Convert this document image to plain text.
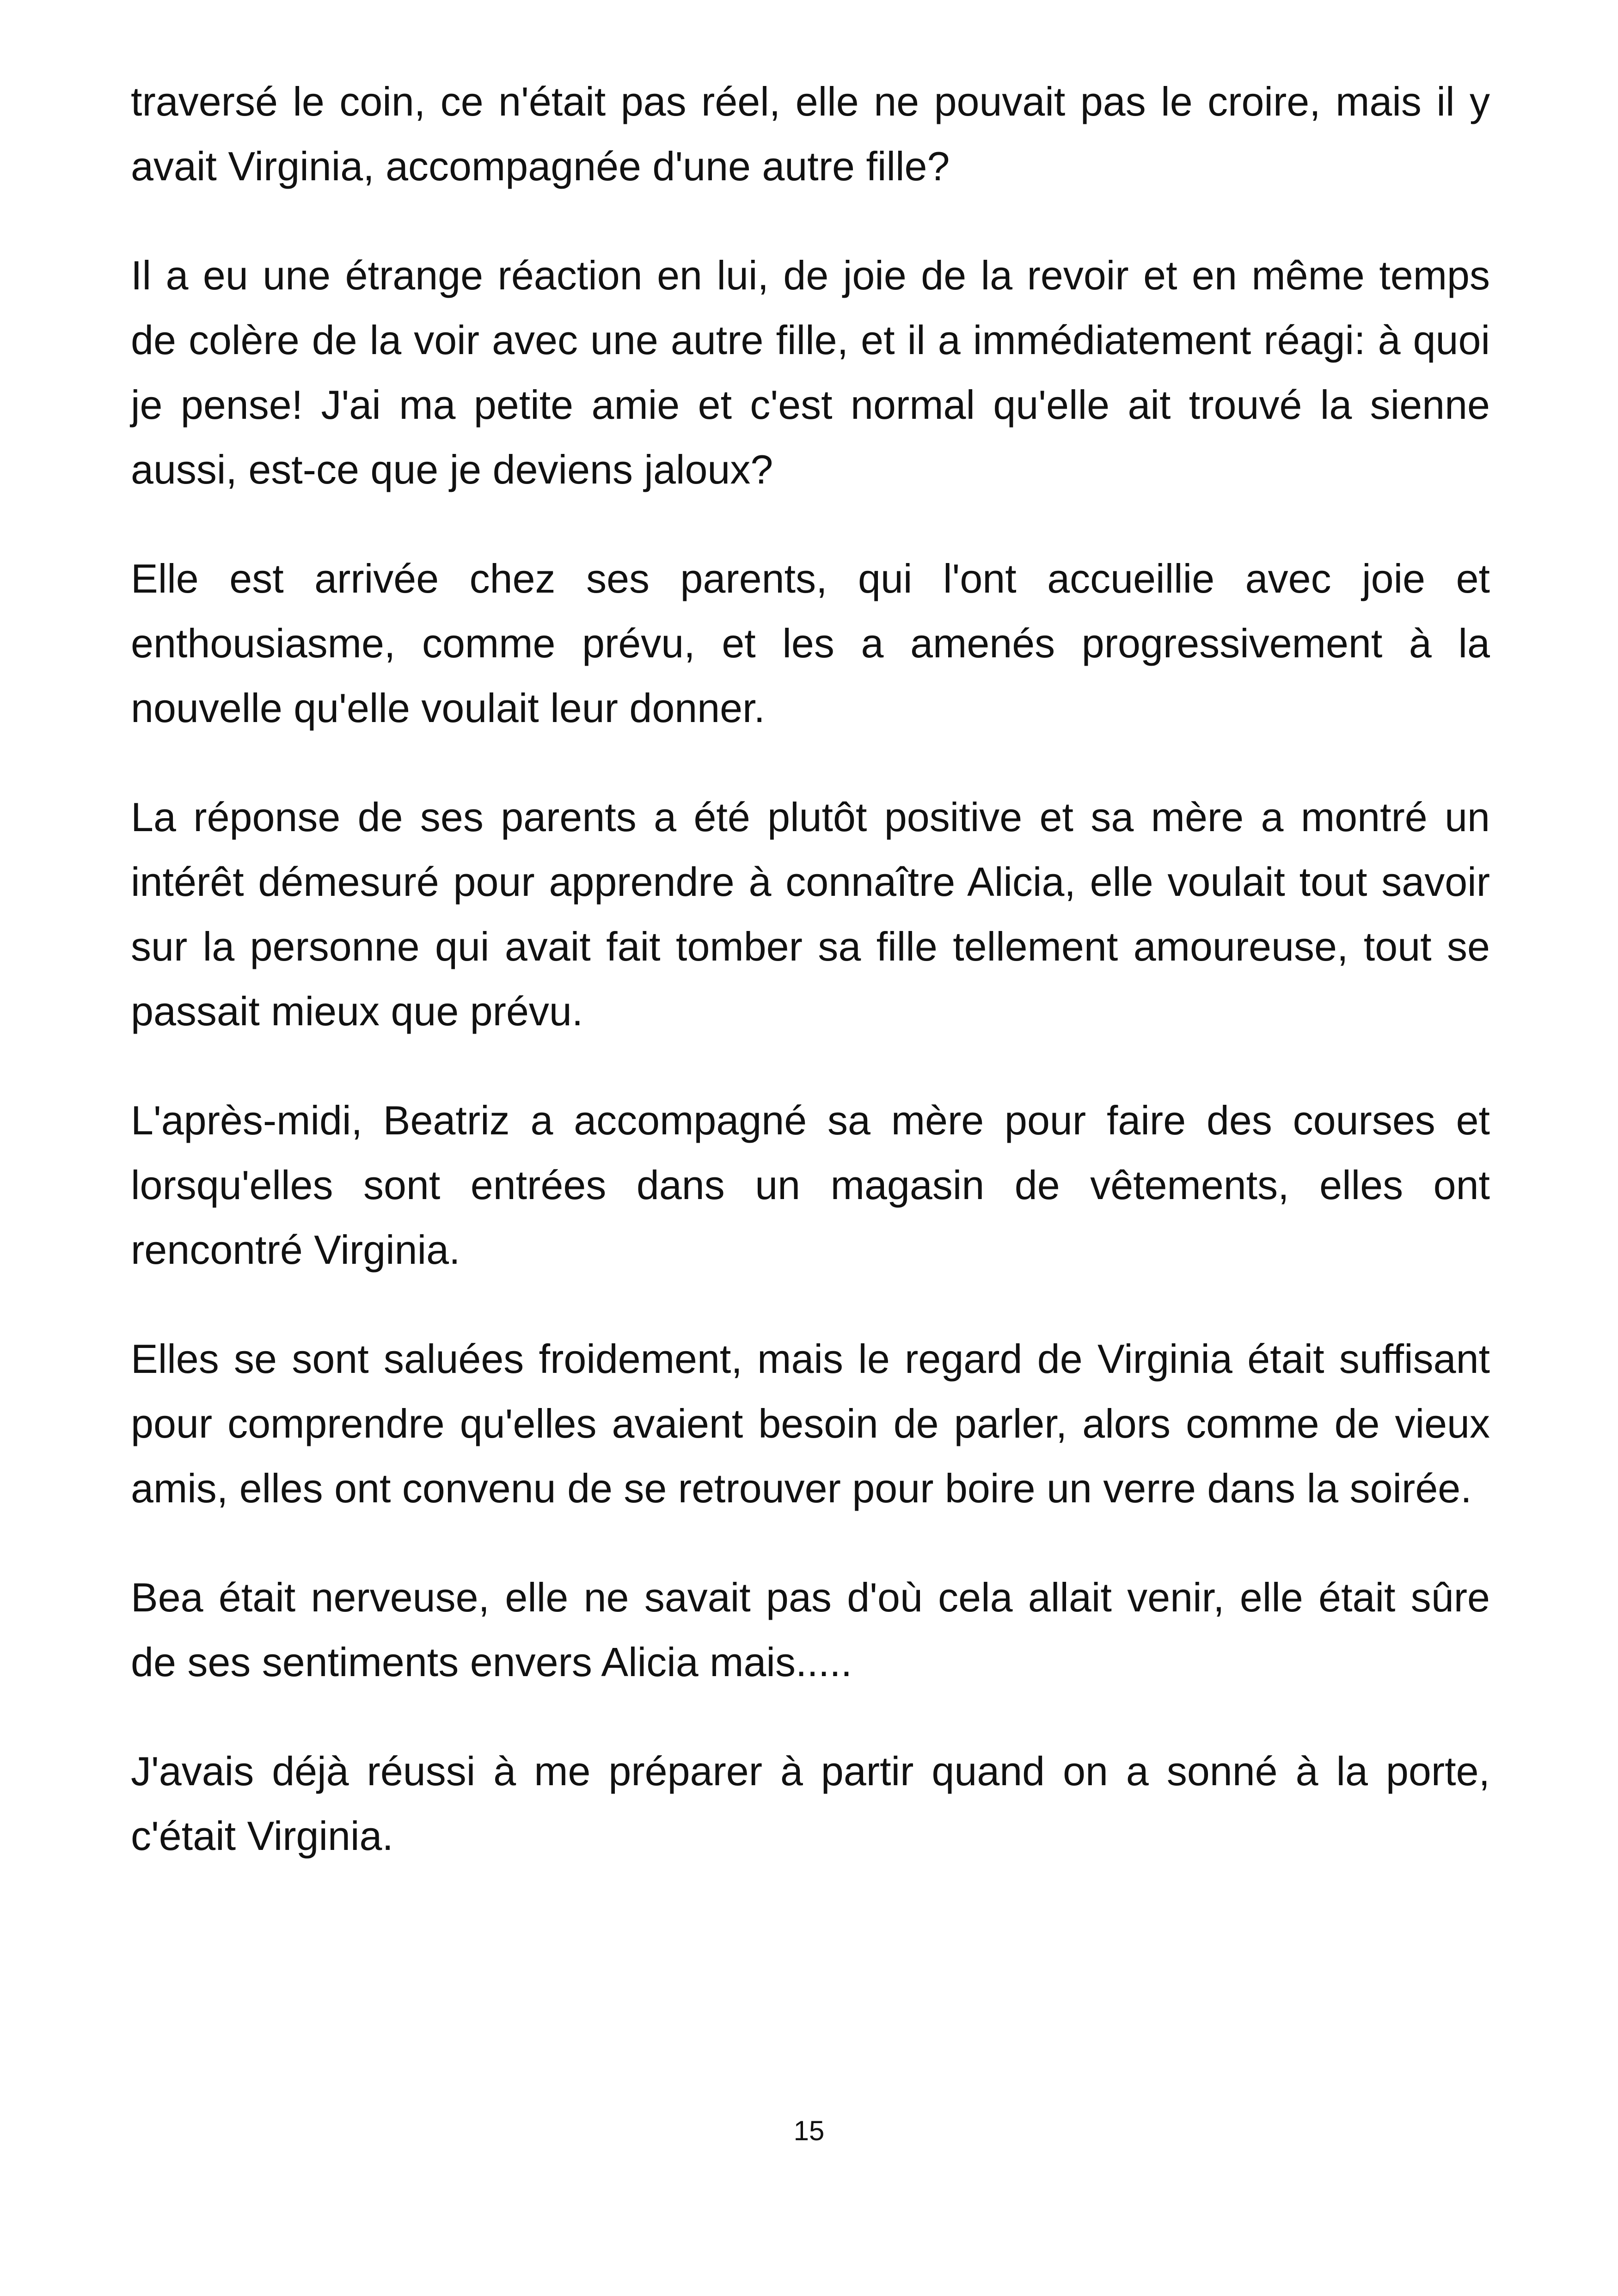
traversé le coin, ce n'était pas réel, elle ne pouvait pas le croire, mais il y avait Virginia, accompagnée d'une autre fille?

Il a eu une étrange réaction en lui, de joie de la revoir et en même temps de colère de la voir avec une autre fille, et il a immédiatement réagi: à quoi je pense! J'ai ma petite amie et c'est normal qu'elle ait trouvé la sienne aussi, est-ce que je deviens jaloux?

Elle est arrivée chez ses parents, qui l'ont accueillie avec joie et enthousiasme, comme prévu, et les a amenés progressivement à la nouvelle qu'elle voulait leur donner.

La réponse de ses parents a été plutôt positive et sa mère a montré un intérêt démesuré pour apprendre à connaître Alicia, elle voulait tout savoir sur la personne qui avait fait tomber sa fille tellement amoureuse, tout se passait mieux que prévu.

L'après-midi, Beatriz a accompagné sa mère pour faire des courses et lorsqu'elles sont entrées dans un magasin de vêtements, elles ont rencontré Virginia.

Elles se sont saluées froidement, mais le regard de Virginia était suffisant pour comprendre qu'elles avaient besoin de parler, alors comme de vieux amis, elles ont convenu de se retrouver pour boire un verre dans la soirée.

Bea était nerveuse, elle ne savait pas d'où cela allait venir, elle était sûre de ses sentiments envers Alicia mais.....

J'avais déjà réussi à me préparer à partir quand on a sonné à la porte, c'était Virginia.

15
